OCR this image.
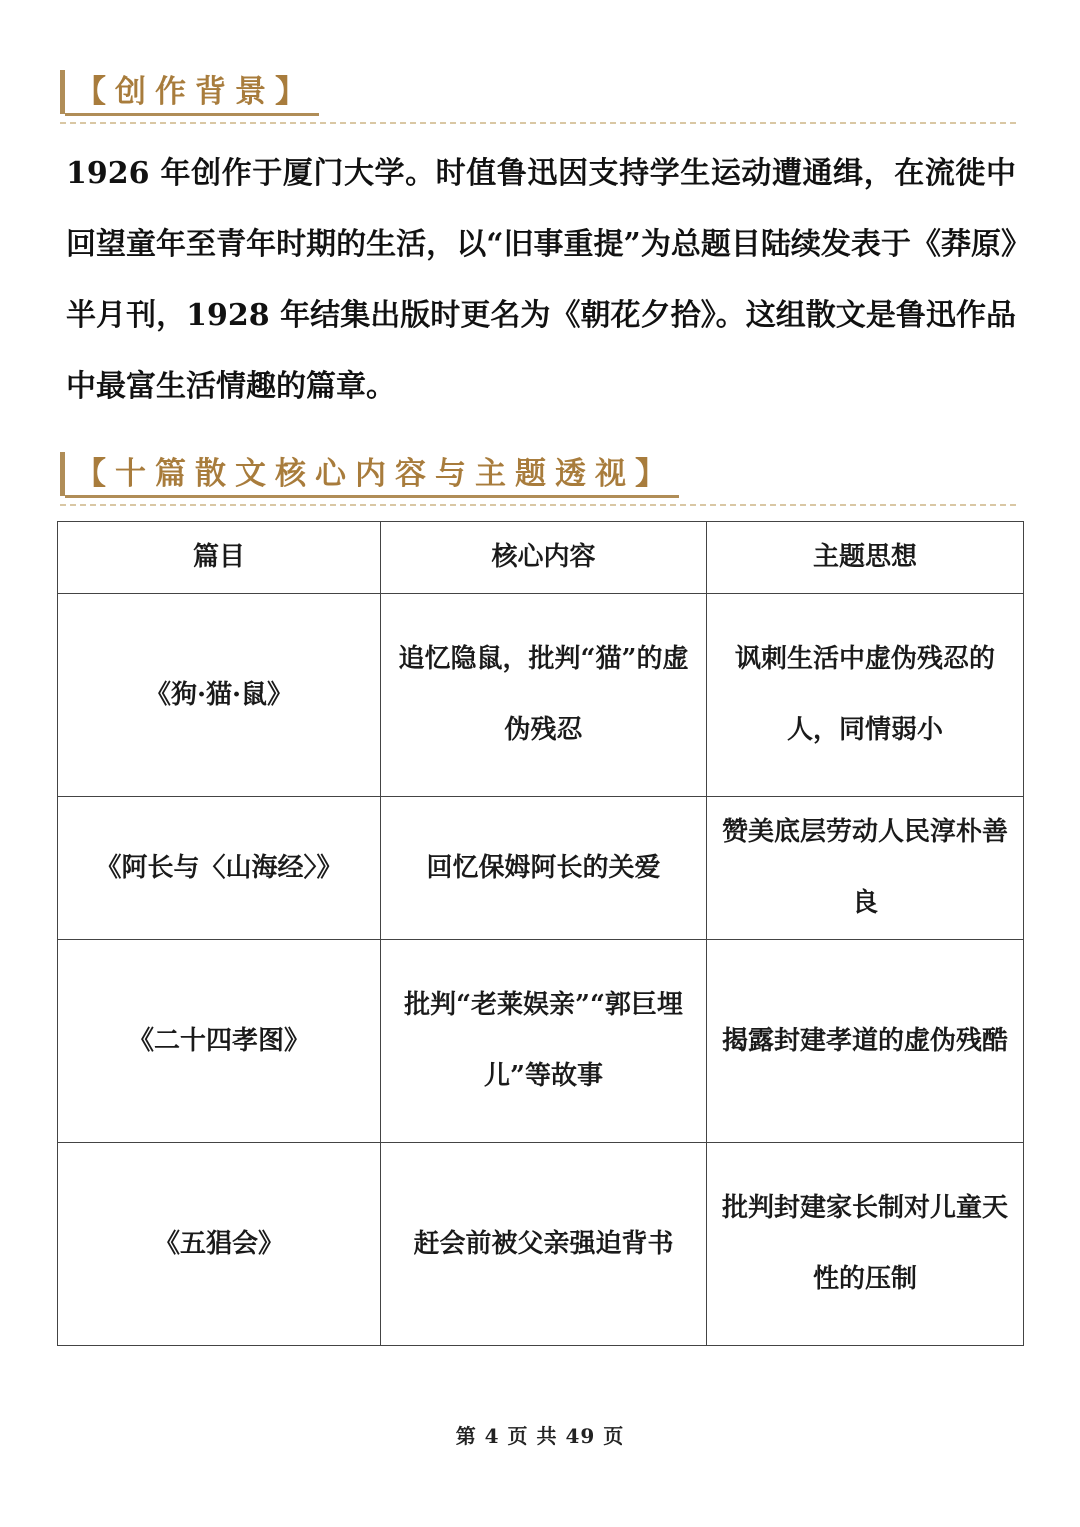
【创作背景】
1926 年创作于厦门大学。时值鲁迅因支持学生运动遭通缉，在流徙中回望童年至青年时期的生活，以“旧事重提”为总题目陆续发表于《莽原》半月刊，1928 年结集出版时更名为《朝花夕拾》。这组散文是鲁迅作品中最富生活情趣的篇章。
【十篇散文核心内容与主题透视】
篇目	核心内容	主题思想
《狗·猫·鼠》	追忆隐鼠，批判“猫”的虚伪残忍	讽刺生活中虚伪残忍的人，同情弱小
《阿长与〈山海经〉》	回忆保姆阿长的关爱	赞美底层劳动人民淳朴善良
《二十四孝图》	批判“老莱娱亲”“郭巨埋儿”等故事	揭露封建孝道的虚伪残酷
《五猖会》	赶会前被父亲强迫背书	批判封建家长制对儿童天性的压制
第 4 页 共 49 页
